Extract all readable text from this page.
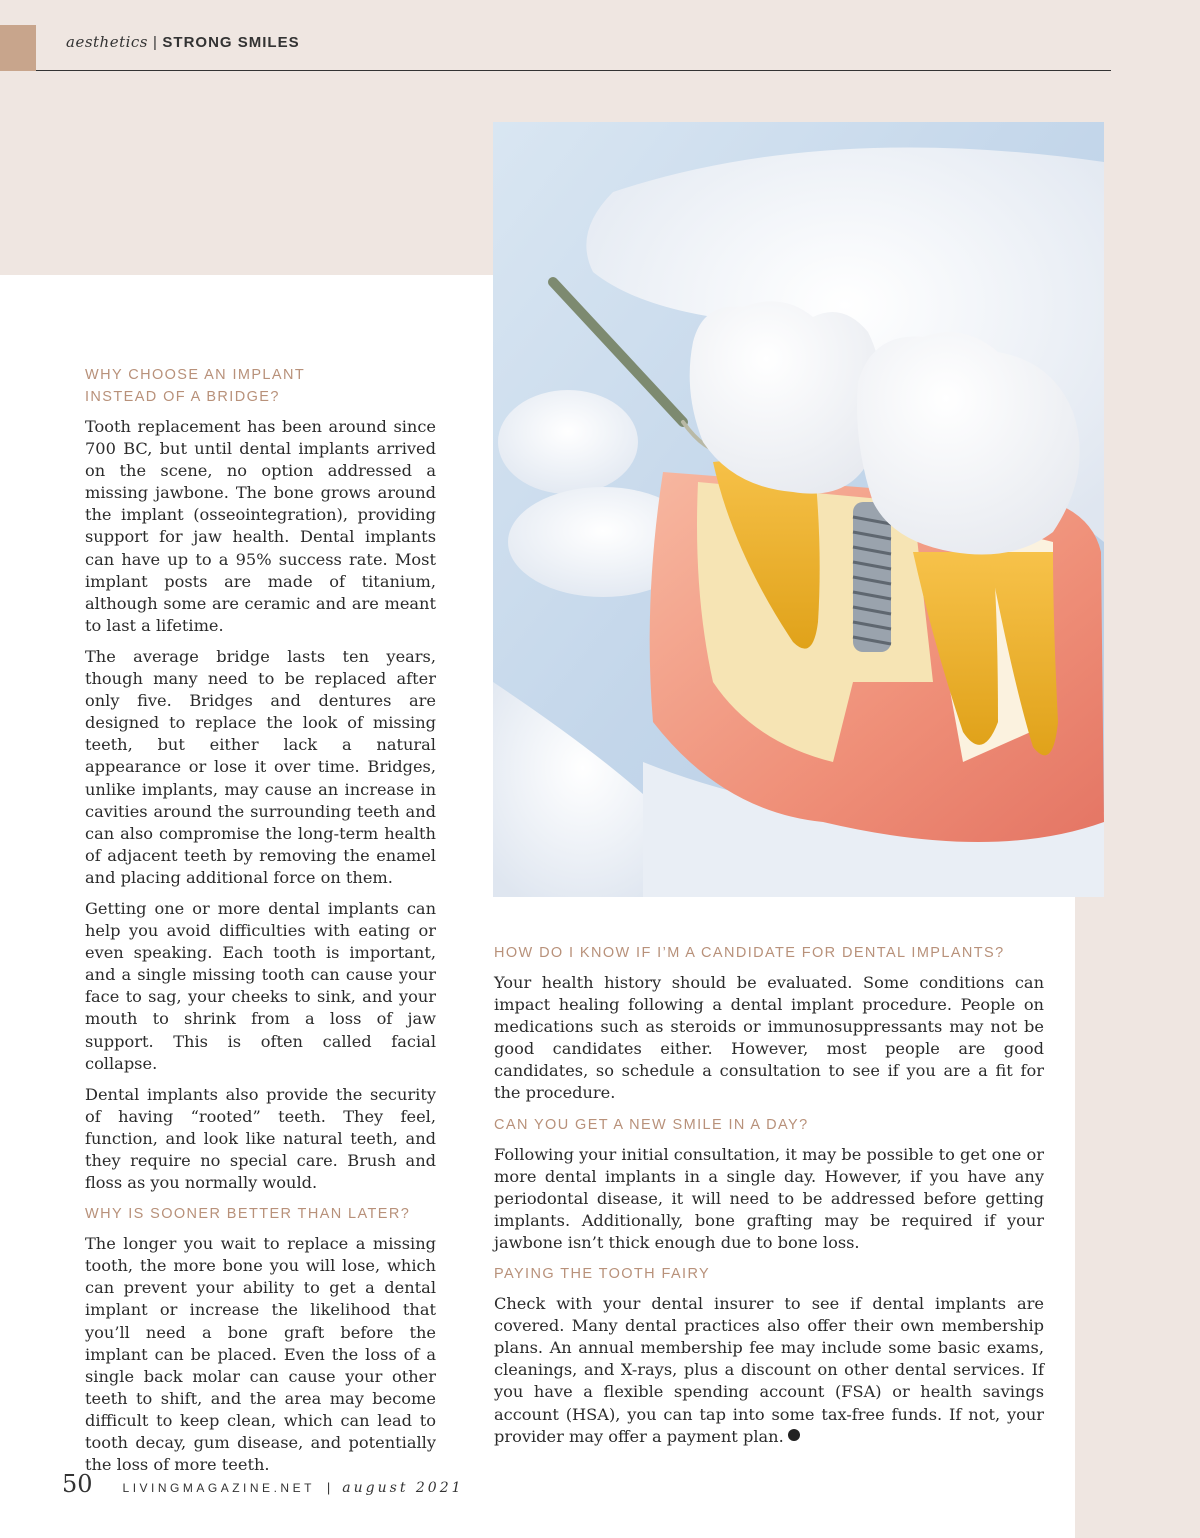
aesthetics | STRONG SMILES
WHY CHOOSE AN IMPLANT
INSTEAD OF A BRIDGE?

Tooth replacement has been around since 700 BC, but until dental implants arrived on the scene, no option addressed a missing jawbone. The bone grows around the implant (osseointegration), providing support for jaw health. Dental implants can have up to a 95% success rate. Most implant posts are made of titanium, although some are ceramic and are meant to last a lifetime.

The average bridge lasts ten years, though many need to be replaced after only five. Bridges and dentures are designed to replace the look of missing teeth, but either lack a natural appearance or lose it over time. Bridges, unlike implants, may cause an increase in cavities around the surrounding teeth and can also compromise the long-term health of adjacent teeth by removing the enamel and placing additional force on them.

Getting one or more dental implants can help you avoid difficulties with eating or even speaking. Each tooth is important, and a single missing tooth can cause your face to sag, your cheeks to sink, and your mouth to shrink from a loss of jaw support. This is often called facial collapse.

Dental implants also provide the security of having “rooted” teeth. They feel, function, and look like natural teeth, and they require no special care. Brush and floss as you normally would.

WHY IS SOONER BETTER THAN LATER?

The longer you wait to replace a missing tooth, the more bone you will lose, which can prevent your ability to get a dental implant or increase the likelihood that you’ll need a bone graft before the implant can be placed. Even the loss of a single back molar can cause your other teeth to shift, and the area may become difficult to keep clean, which can lead to tooth decay, gum disease, and potentially the loss of more teeth.

HOW DO I KNOW IF I’M A CANDIDATE FOR DENTAL IMPLANTS?

Your health history should be evaluated. Some conditions can impact healing following a dental implant procedure. People on medications such as steroids or immunosuppressants may not be good candidates either. However, most people are good candidates, so schedule a consultation to see if you are a fit for the procedure.

CAN YOU GET A NEW SMILE IN A DAY?

Following your initial consultation, it may be possible to get one or more dental implants in a single day. However, if you have any periodontal disease, it will need to be addressed before getting implants. Additionally, bone grafting may be required if your jawbone isn’t thick enough due to bone loss.

PAYING THE TOOTH FAIRY

Check with your dental insurer to see if dental implants are covered. Many dental practices also offer their own membership plans. An annual membership fee may include some basic exams, cleanings, and X-rays, plus a discount on other dental services. If you have a flexible spending account (FSA) or health savings account (HSA), you can tap into some tax-free funds. If not, your provider may offer a payment plan.

50	LIVINGMAGAZINE.NET | august 2021
